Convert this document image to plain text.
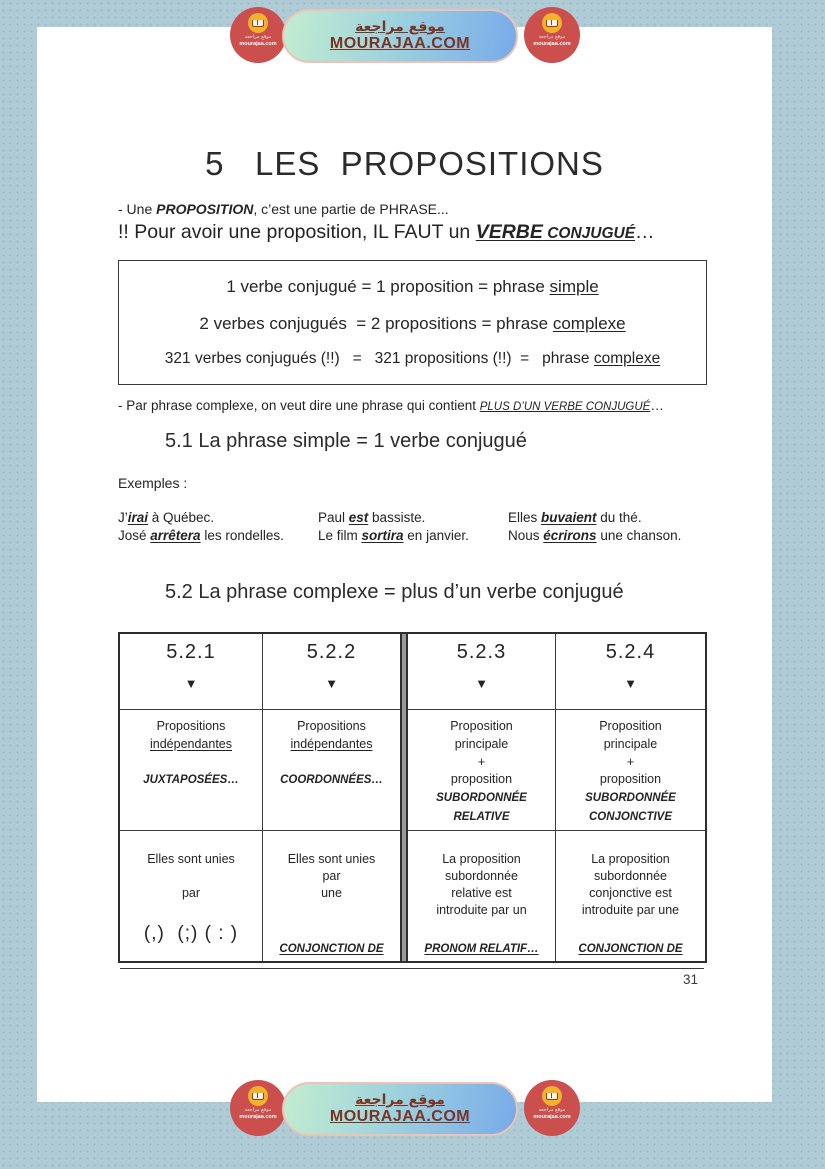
5   LES  PROPOSITIONS
- Une PROPOSITION, c’est une partie de PHRASE...
!! Pour avoir une proposition, IL FAUT un VERBE CONJUGUÉ…
1 verbe conjugué = 1 proposition = phrase simple
2 verbes conjugués  = 2 propositions = phrase complexe
321 verbes conjugués (!!)   =   321 propositions (!!)  =   phrase complexe
- Par phrase complexe, on veut dire une phrase qui contient PLUS D’UN VERBE CONJUGUÉ…
5.1 La phrase simple = 1 verbe conjugué
Exemples :
J’irai à Québec.
José arrêtera les rondelles.
Paul est bassiste.
Le film sortira en janvier.
Elles buvaient du thé.
Nous écrirons une chanson.
5.2 La phrase complexe = plus d’un verbe conjugué
5.2.1
▼
5.2.2
▼
5.2.3
▼
5.2.4
▼
Propositions
indépendantes
JUXTAPOSÉES…
Propositions
indépendantes
COORDONNÉES…
Proposition
principale
+
proposition
SUBORDONNÉE
RELATIVE
Proposition
principale
+
proposition
SUBORDONNÉE
CONJONCTIVE
Elles sont unies
par
(,)  (;) ( : )
Elles sont unies
par
une
CONJONCTION DE
La proposition
subordonnée
relative est
introduite par un
PRONOM RELATIF…
La proposition
subordonnée
conjonctive est
introduite par une
CONJONCTION DE
31
موقع مراجعة
mourajaa.com
موقع مراجعة
MOURAJAA.COM	موقع مراجعة
mourajaa.com
موقع مراجعة
mourajaa.com
موقع مراجعة
MOURAJAA.COM	موقع مراجعة
mourajaa.com
